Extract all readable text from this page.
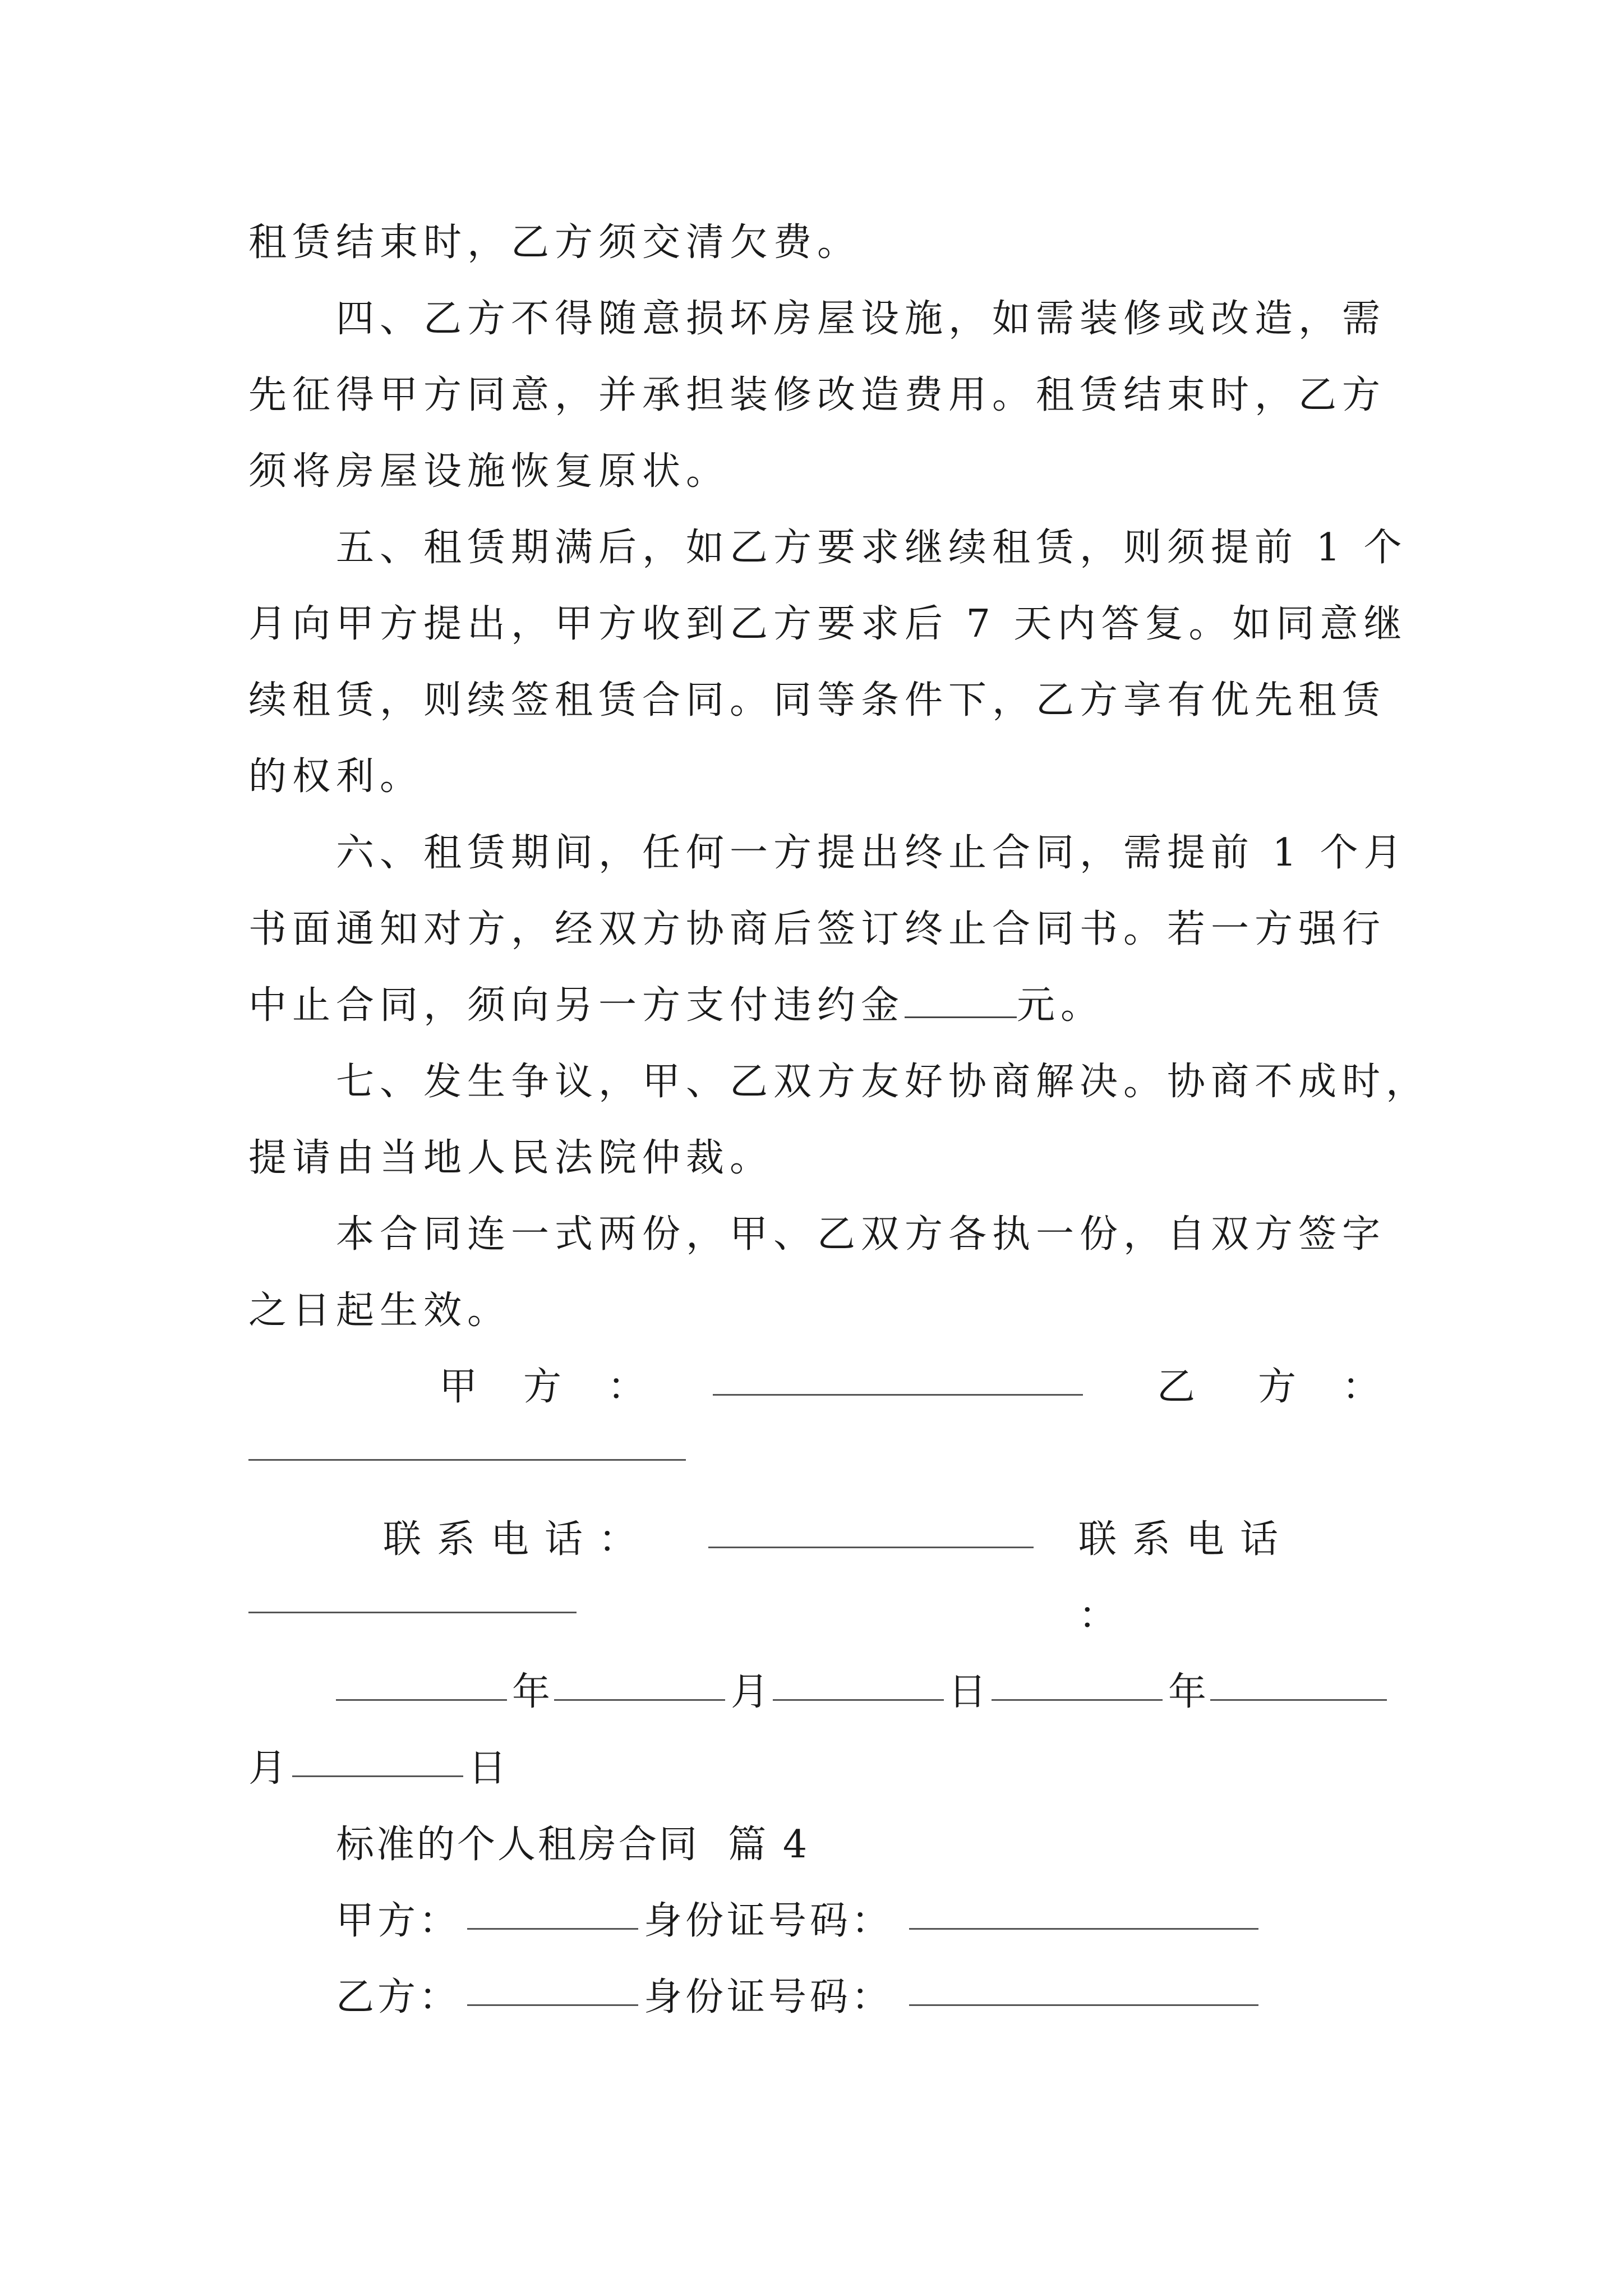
租赁结束时，乙方须交清欠费。

四、乙方不得随意损坏房屋设施，如需装修或改造，需
先征得甲方同意，并承担装修改造费用。租赁结束时，乙方
须将房屋设施恢复原状。

五、租赁期满后，如乙方要求继续租赁，则须提前 1 个
月向甲方提出，甲方收到乙方要求后 7 天内答复。如同意继
续租赁，则续签租赁合同。同等条件下，乙方享有优先租赁
的权利。

六、租赁期间，任何一方提出终止合同，需提前 1 个月
书面通知对方，经双方协商后签订终止合同书。若一方强行
中止合同，须向另一方支付违约金	元。

七、发生争议，甲、乙双方友好协商解决。协商不成时，
提请由当地人民法院仲裁。

本合同连一式两份，甲、乙双方各执一份，自双方签字
之日起生效。

甲 方 ：	乙 方 ：
联 系 电 话 ：	联 系 电 话：
年	月	日	年
月	日

标准的个人租房合同  篇 4

甲方：	身份证号码：
乙方：	身份证号码：
